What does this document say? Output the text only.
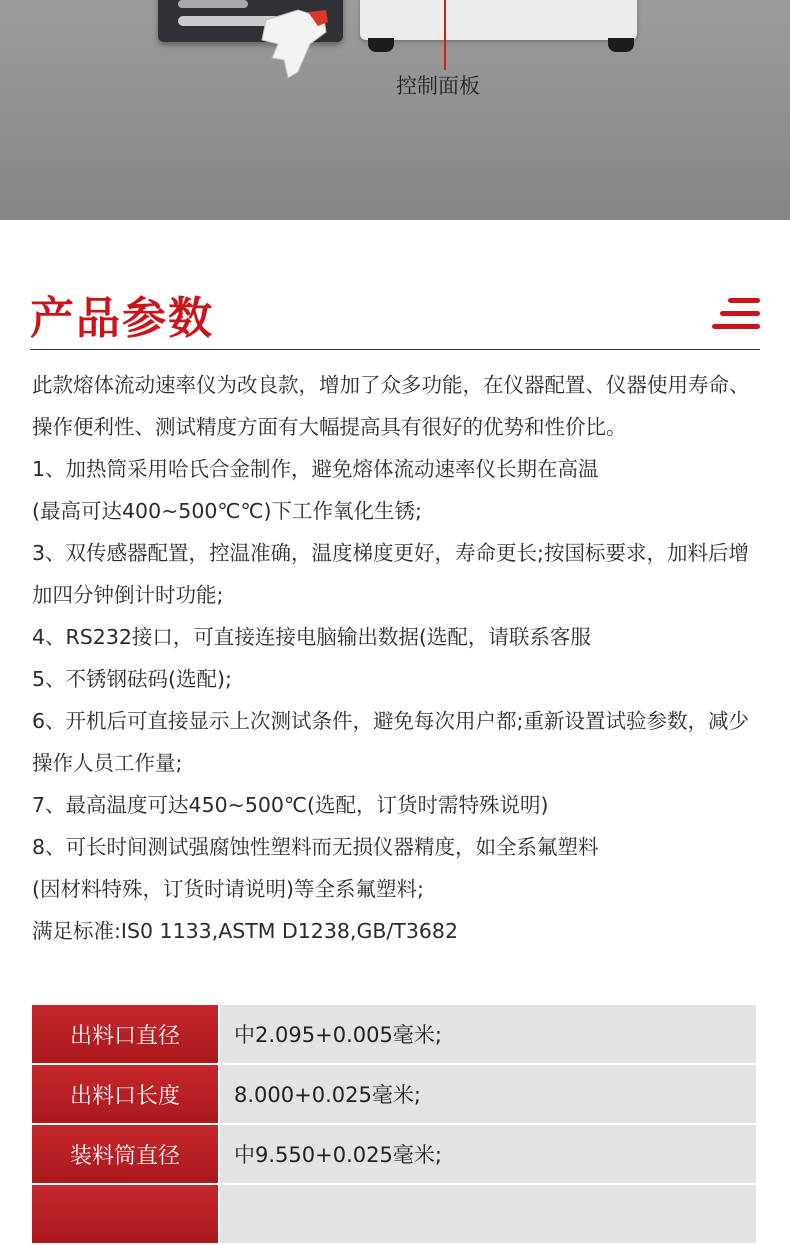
控制面板
产品参数

此款熔体流动速率仪为改良款，增加了众多功能，在仪器配置、仪器使用寿命、操作便利性、测试精度方面有大幅提高具有很好的优势和性价比。

1、加热筒采用哈氏合金制作，避免熔体流动速率仪长期在高温

(最高可达400~500℃℃)下工作氧化生锈;

3、双传感器配置，控温准确，温度梯度更好，寿命更长;按国标要求，加料后增加四分钟倒计时功能;

4、RS232接口，可直接连接电脑输出数据(选配，请联系客服

5、不锈钢砝码(选配);

6、开机后可直接显示上次测试条件，避免每次用户都;重新设置试验参数，减少操作人员工作量;

7、最高温度可达450~500℃(选配，订货时需特殊说明)

8、可长时间测试强腐蚀性塑料而无损仪器精度，如全系氟塑料

(因材料特殊，订货时请说明)等全系氟塑料;

满足标准:IS0 1133,ASTM D1238,GB/T3682

出料口直径	中2.095+0.005毫米;
出料口长度	8.000+0.025毫米;
装料筒直径	中9.550+0.025毫米;
